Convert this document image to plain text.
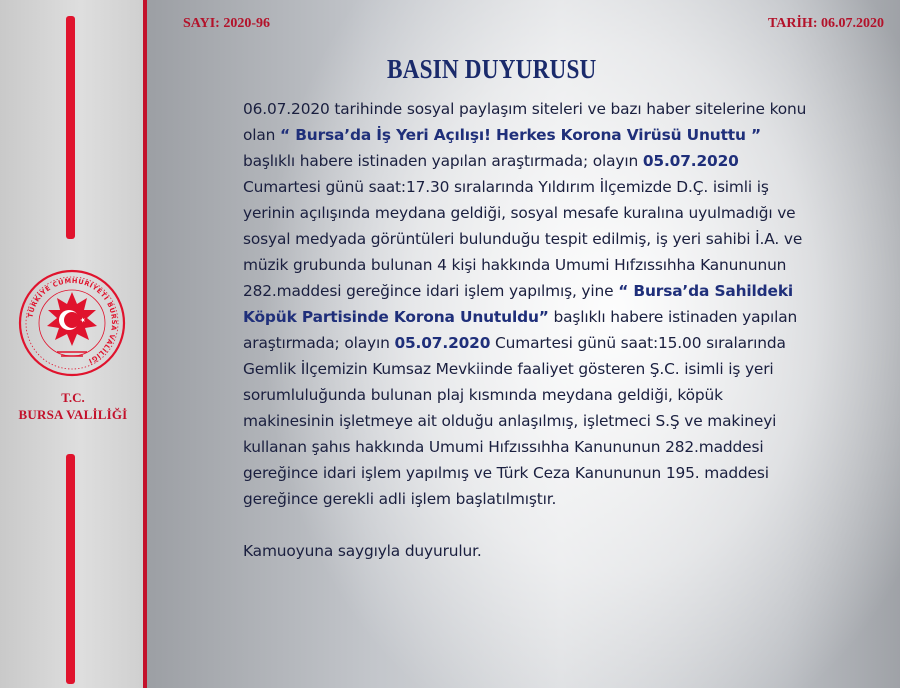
TÜRKİYE CUMHURİYETİ BURSA VALİLİĞİ
T.C.
BURSA VALİLİĞİ
SAYI: 2020-96	TARİH: 06.07.2020
BASIN DUYURUSU

06.07.2020 tarihinde sosyal paylaşım siteleri ve bazı haber sitelerine konu olan “ Bursa’da İş Yeri Açılışı! Herkes Korona Virüsü Unuttu ” başlıklı habere istinaden yapılan araştırmada; olayın 05.07.2020 Cumartesi günü saat:17.30 sıralarında Yıldırım İlçemizde D.Ç. isimli iş yerinin açılışında meydana geldiği, sosyal mesafe kuralına uyulmadığı ve sosyal medyada görüntüleri bulunduğu tespit edilmiş, iş yeri sahibi İ.A. ve müzik grubunda bulunan 4 kişi hakkında Umumi Hıfzıssıhha Kanununun 282.maddesi gereğince idari işlem yapılmış, yine “ Bursa’da Sahildeki Köpük Partisinde Korona Unutuldu” başlıklı habere istinaden yapılan araştırmada; olayın 05.07.2020 Cumartesi günü saat:15.00 sıralarında Gemlik İlçemizin Kumsaz Mevkiinde faaliyet gösteren Ş.C. isimli iş yeri sorumluluğunda bulunan plaj kısmında meydana geldiği, köpük makinesinin işletmeye ait olduğu anlaşılmış, işletmeci S.Ş ve makineyi kullanan şahıs hakkında Umumi Hıfzıssıhha Kanununun 282.maddesi gereğince idari işlem yapılmış ve Türk Ceza Kanununun 195. maddesi gereğince gerekli adli işlem başlatılmıştır.

Kamuoyuna saygıyla duyurulur.
